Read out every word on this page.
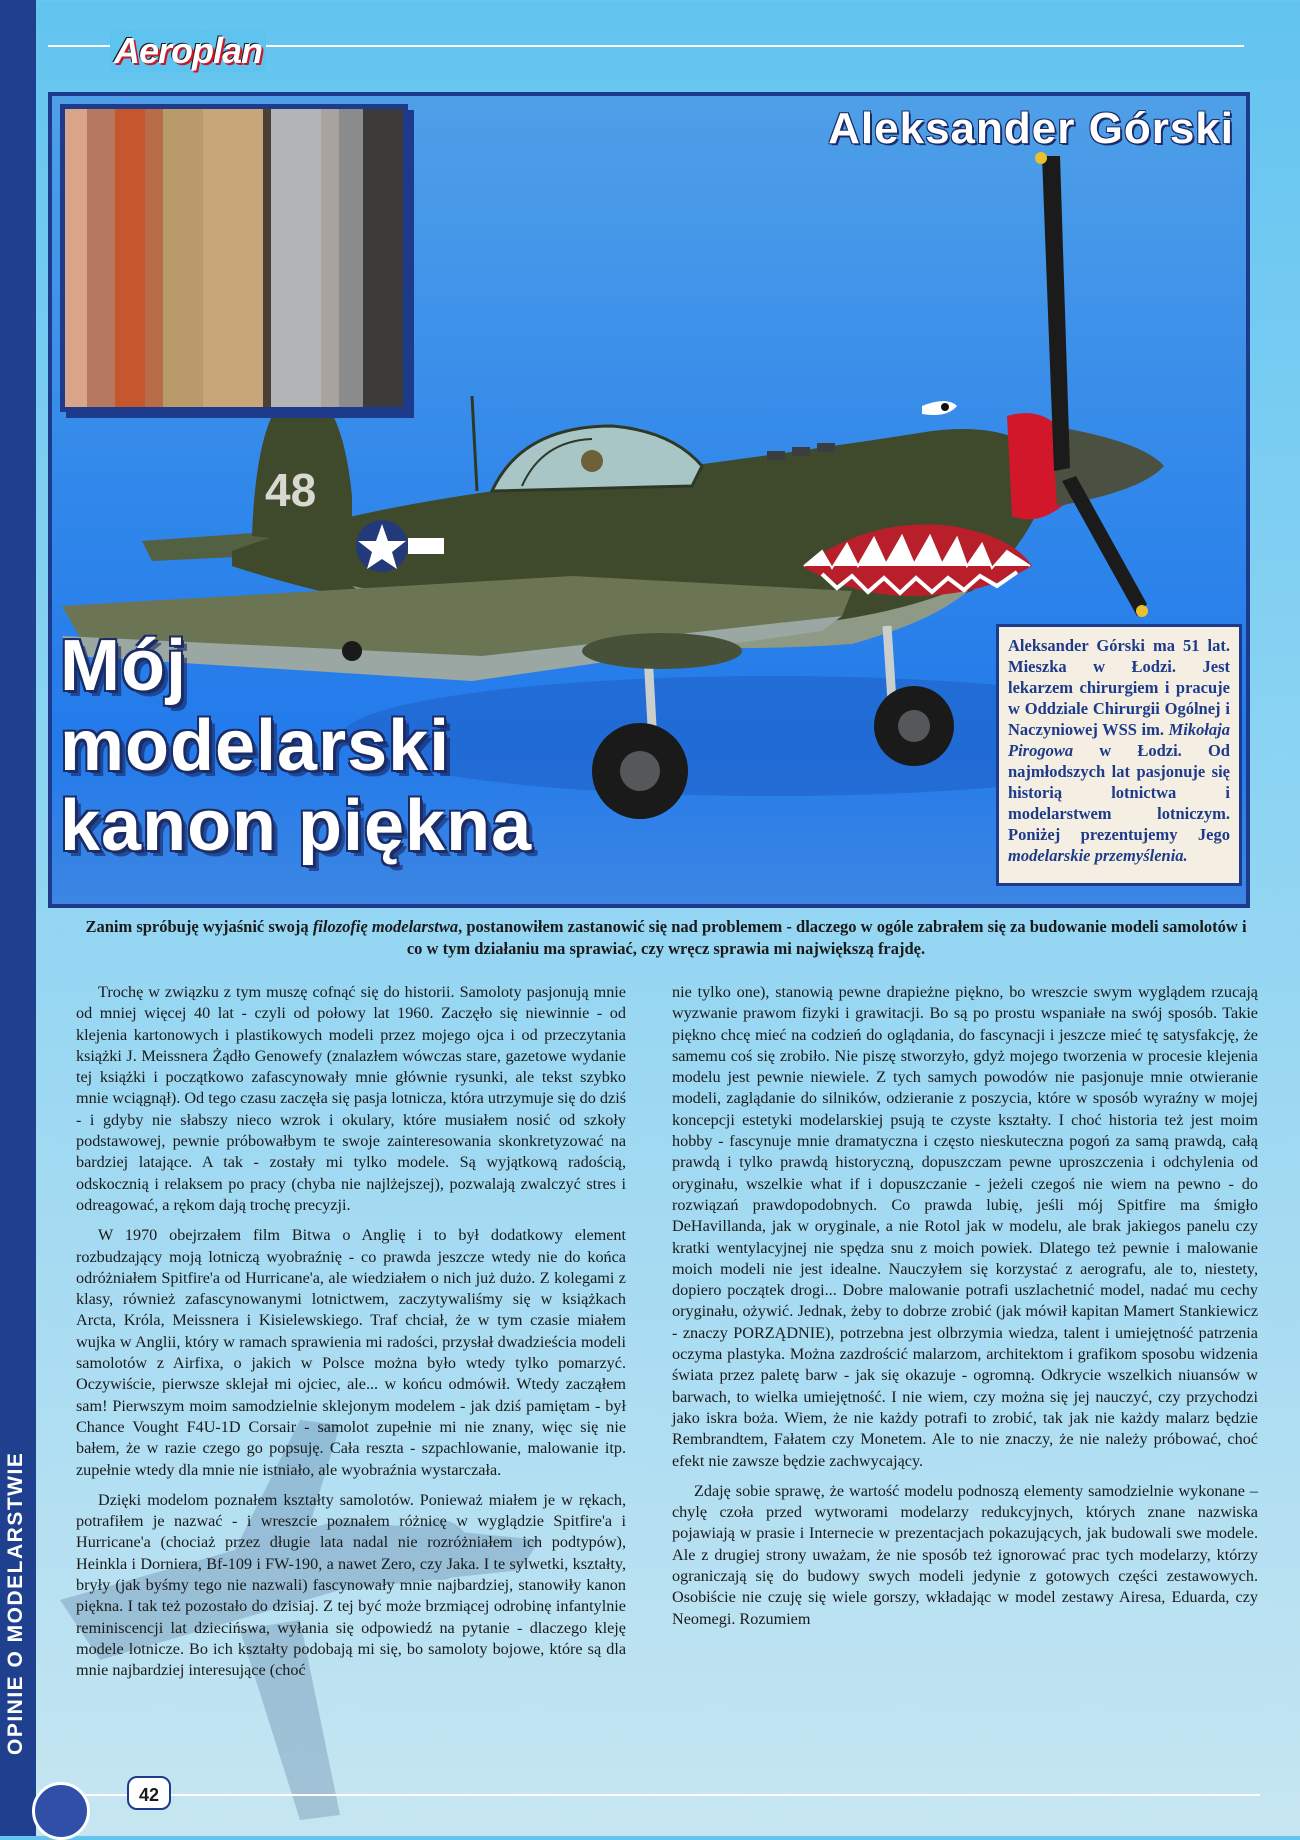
Aeroplan
48
Aleksander Górski
Mój
modelarski
kanon piękna
Aleksander Górski ma 51 lat. Mieszka w Łodzi. Jest lekarzem chirurgiem i pracuje w Oddziale Chirurgii Ogólnej i Naczyniowej WSS im. Mikołaja Pirogowa w Łodzi. Od najmłodszych lat pasjonuje się historią lotnictwa i modelarstwem lotniczym. Poniżej prezentujemy Jego modelarskie przemyślenia.
Zanim spróbuję wyjaśnić swoją filozofię modelarstwa, postanowiłem zastanowić się nad problemem - dlaczego w ogóle zabrałem się za budowanie modeli samolotów i co w tym działaniu ma sprawiać, czy wręcz sprawia mi największą frajdę.

Trochę w związku z tym muszę cofnąć się do historii. Samoloty pasjonują mnie od mniej więcej 40 lat - czyli od połowy lat 1960. Zaczęło się niewinnie - od klejenia kartonowych i plastikowych modeli przez mojego ojca i od przeczytania książki J. Meissnera Żądło Genowefy (znalazłem wówczas stare, gazetowe wydanie tej książki i początkowo zafascynowały mnie głównie rysunki, ale tekst szybko mnie wciągnął). Od tego czasu zaczęła się pasja lotnicza, która utrzymuje się do dziś - i gdyby nie słabszy nieco wzrok i okulary, które musiałem nosić od szkoły podstawowej, pewnie próbowałbym te swoje zainteresowania skonkretyzować na bardziej latające. A tak - zostały mi tylko modele. Są wyjątkową radością, odskocznią i relaksem po pracy (chyba nie najlżejszej), pozwalają zwalczyć stres i odreagować, a rękom dają trochę precyzji.

W 1970 obejrzałem film Bitwa o Anglię i to był dodatkowy element rozbudzający moją lotniczą wyobraźnię - co prawda jeszcze wtedy nie do końca odróżniałem Spitfire'a od Hurricane'a, ale wiedziałem o nich już dużo. Z kolegami z klasy, również zafascynowanymi lotnictwem, zaczytywaliśmy się w książkach Arcta, Króla, Meissnera i Kisielewskiego. Traf chciał, że w tym czasie miałem wujka w Anglii, który w ramach sprawienia mi radości, przysłał dwadzieścia modeli samolotów z Airfixa, o jakich w Polsce można było wtedy tylko pomarzyć. Oczywiście, pierwsze sklejał mi ojciec, ale... w końcu odmówił. Wtedy zacząłem sam! Pierwszym moim samodzielnie sklejonym modelem - jak dziś pamiętam - był Chance Vought F4U-1D Corsair - samolot zupełnie mi nie znany, więc się nie bałem, że w razie czego go popsuję. Cała reszta - szpachlowanie, malowanie itp. zupełnie wtedy dla mnie nie istniało, ale wyobraźnia wystarczała.

Dzięki modelom poznałem kształty samolotów. Ponieważ miałem je w rękach, potrafiłem je nazwać - i wreszcie poznałem różnicę w wyglądzie Spitfire'a i Hurricane'a (chociaż przez długie lata nadal nie rozróżniałem ich podtypów), Heinkla i Dorniera, Bf-109 i FW-190, a nawet Zero, czy Jaka. I te sylwetki, kształty, bryły (jak byśmy tego nie nazwali) fascynowały mnie najbardziej, stanowiły kanon piękna. I tak też pozostało do dzisiaj. Z tej być może brzmiącej odrobinę infantylnie reminiscencji lat dziecińswa, wyłania się odpowiedź na pytanie - dlaczego kleję modele lotnicze. Bo ich kształty podobają mi się, bo samoloty bojowe, które są dla mnie najbardziej interesujące (choć

nie tylko one), stanowią pewne drapieżne piękno, bo wreszcie swym wyglądem rzucają wyzwanie prawom fizyki i grawitacji. Bo są po prostu wspaniałe na swój sposób. Takie piękno chcę mieć na codzień do oglądania, do fascynacji i jeszcze mieć tę satysfakcję, że samemu coś się zrobiło. Nie piszę stworzyło, gdyż mojego tworzenia w procesie klejenia modelu jest pewnie niewiele. Z tych samych powodów nie pasjonuje mnie otwieranie modeli, zaglądanie do silników, odzieranie z poszycia, które w sposób wyraźny w mojej koncepcji estetyki modelarskiej psują te czyste kształty. I choć historia też jest moim hobby - fascynuje mnie dramatyczna i często nieskuteczna pogoń za samą prawdą, całą prawdą i tylko prawdą historyczną, dopuszczam pewne uproszczenia i odchylenia od oryginału, wszelkie what if i dopuszczanie - jeżeli czegoś nie wiem na pewno - do rozwiązań prawdopodobnych. Co prawda lubię, jeśli mój Spitfire ma śmigło DeHavillanda, jak w oryginale, a nie Rotol jak w modelu, ale brak jakiegos panelu czy kratki wentylacyjnej nie spędza snu z moich powiek. Dlatego też pewnie i malowanie moich modeli nie jest idealne. Nauczyłem się korzystać z aerografu, ale to, niestety, dopiero początek drogi... Dobre malowanie potrafi uszlachetnić model, nadać mu cechy oryginału, ożywić. Jednak, żeby to dobrze zrobić (jak mówił kapitan Mamert Stankiewicz - znaczy PORZĄDNIE), potrzebna jest olbrzymia wiedza, talent i umiejętność patrzenia oczyma plastyka. Można zazdrościć malarzom, architektom i grafikom sposobu widzenia świata przez paletę barw - jak się okazuje - ogromną. Odkrycie wszelkich niuansów w barwach, to wielka umiejętność. I nie wiem, czy można się jej nauczyć, czy przychodzi jako iskra boża. Wiem, że nie każdy potrafi to zrobić, tak jak nie każdy malarz będzie Rembrandtem, Fałatem czy Monetem. Ale to nie znaczy, że nie należy próbować, choć efekt nie zawsze będzie zachwycający.

Zdaję sobie sprawę, że wartość modelu podnoszą elementy samodzielnie wykonane – chylę czoła przed wytworami modelarzy redukcyjnych, których znane nazwiska pojawiają w prasie i Internecie w prezentacjach pokazujących, jak budowali swe modele. Ale z drugiej strony uważam, że nie sposób też ignorować prac tych modelarzy, którzy ograniczają się do budowy swych modeli jedynie z gotowych części zestawowych. Osobiście nie czuję się wiele gorszy, wkładając w model zestawy Airesa, Eduarda, czy Neomegi. Rozumiem

42
